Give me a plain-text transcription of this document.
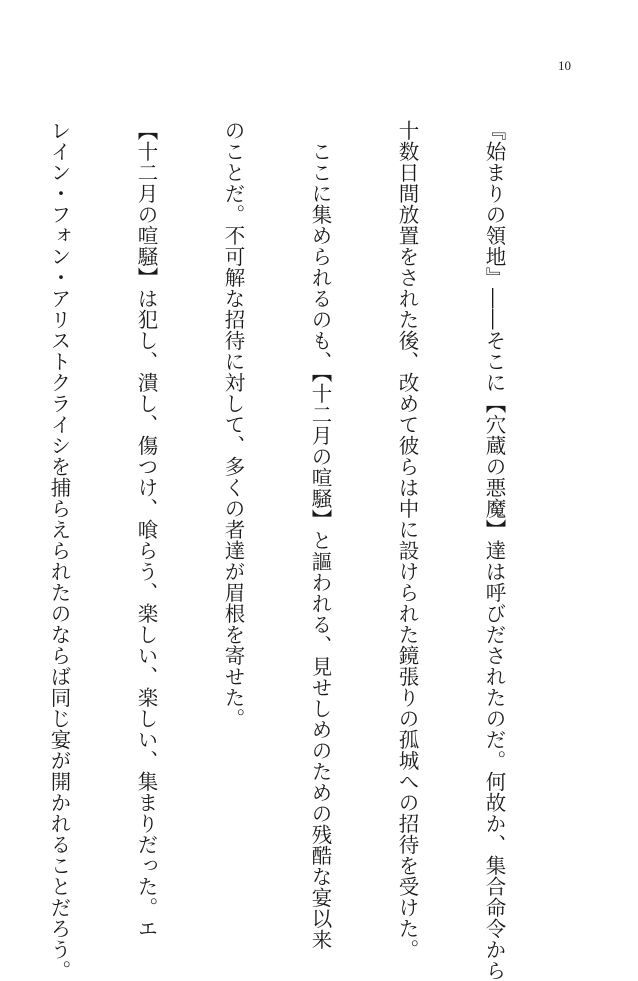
10

『始まりの領地』――そこに【穴蔵の悪魔】達は呼びだされたのだ。何故か、集合命令から

十数日間放置をされた後、改めて彼らは中に設けられた鏡張りの孤城への招待を受けた。

　ここに集められるのも、【十二月の喧騒】と謳われる、見せしめのための残酷な宴以来

のことだ。不可解な招待に対して、多くの者達が眉根を寄せた。

【十二月の喧騒】は犯し、潰し、傷つけ、喰らう、楽しい、楽しい、集まりだった。エ

レイン・フォン・アリストクライシを捕らえられたのならば同じ宴が開かれることだろう。
